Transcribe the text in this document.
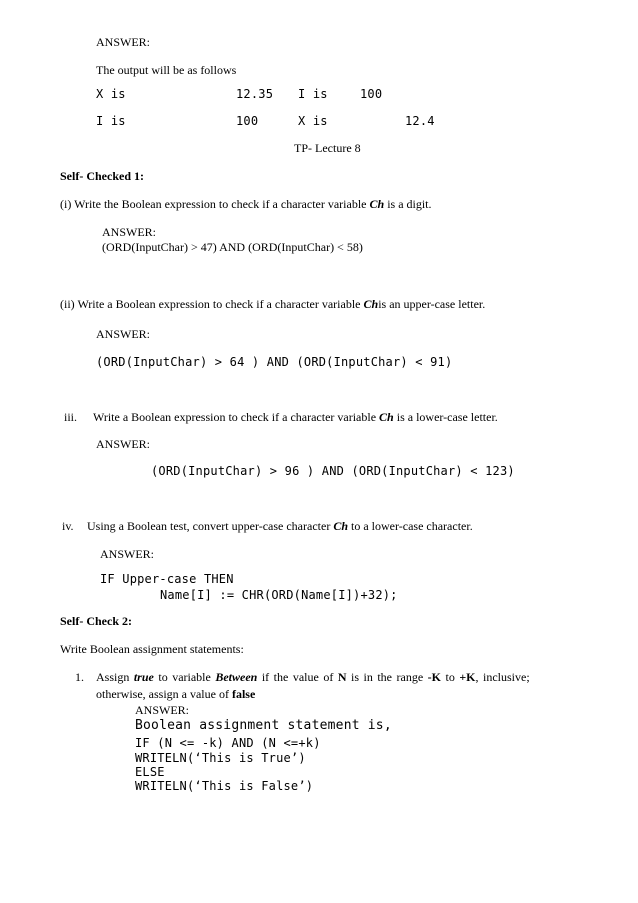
ANSWER:
The output will be as follows
X is	12.35 I is	100
I is	100	X is	12.4
TP- Lecture 8
Self- Checked 1:
(i) Write the Boolean expression to check if a character variable Ch is a digit.
ANSWER:
(ORD(InputChar) > 47) AND (ORD(InputChar) < 58)
(ii) Write a Boolean expression to check if a character variable Chis an upper-case letter.
ANSWER:
(ORD(InputChar) > 64 ) AND (ORD(InputChar) < 91)
iii. Write a Boolean expression to check if a character variable Ch is a lower-case letter.
ANSWER:
(ORD(InputChar) > 96 ) AND (ORD(InputChar) < 123)
iv. Using a Boolean test, convert upper-case character Ch to a lower-case character.
ANSWER:
IF Upper-case THEN
Name[I] := CHR(ORD(Name[I])+32);
Self- Check 2:
Write Boolean assignment statements:
1. Assign true to variable Between if the value of N is in the range -K to +K, inclusive;
otherwise, assign a value of false
ANSWER:
Boolean assignment statement is,
IF (N <= -k) AND (N <=+k)
WRITELN(‘This is True’)
ELSE
WRITELN(‘This is False’)
